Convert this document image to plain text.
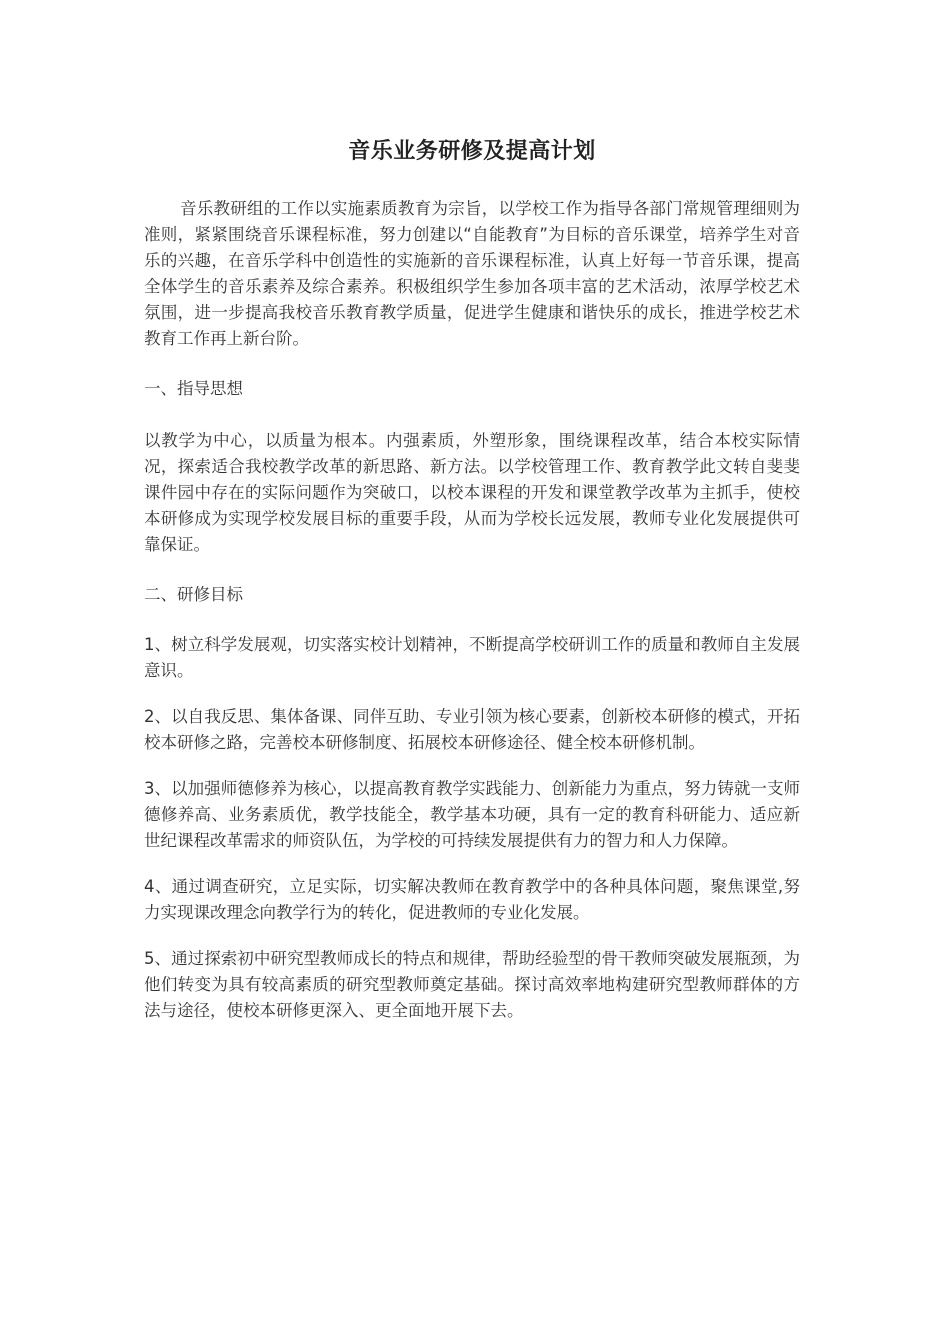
音乐业务研修及提高计划

音乐教研组的工作以实施素质教育为宗旨，以学校工作为指导各部门常规管理细则为准则，紧紧围绕音乐课程标准，努力创建以“自能教育”为目标的音乐课堂，培养学生对音乐的兴趣，在音乐学科中创造性的实施新的音乐课程标准，认真上好每一节音乐课，提高全体学生的音乐素养及综合素养。积极组织学生参加各项丰富的艺术活动，浓厚学校艺术氛围，进一步提高我校音乐教育教学质量，促进学生健康和谐快乐的成长，推进学校艺术教育工作再上新台阶。

一、指导思想

以教学为中心，以质量为根本。内强素质，外塑形象，围绕课程改革，结合本校实际情况，探索适合我校教学改革的新思路、新方法。以学校管理工作、教育教学此文转自斐斐课件园中存在的实际问题作为突破口，以校本课程的开发和课堂教学改革为主抓手，使校本研修成为实现学校发展目标的重要手段，从而为学校长远发展，教师专业化发展提供可靠保证。

二、研修目标

1、树立科学发展观，切实落实校计划精神，不断提高学校研训工作的质量和教师自主发展意识。

2、以自我反思、集体备课、同伴互助、专业引领为核心要素，创新校本研修的模式，开拓校本研修之路，完善校本研修制度、拓展校本研修途径、健全校本研修机制。

3、以加强师德修养为核心，以提高教育教学实践能力、创新能力为重点，努力铸就一支师德修养高、业务素质优，教学技能全，教学基本功硬，具有一定的教育科研能力、适应新世纪课程改革需求的师资队伍，为学校的可持续发展提供有力的智力和人力保障。

4、通过调查研究，立足实际，切实解决教师在教育教学中的各种具体问题，聚焦课堂,努力实现课改理念向教学行为的转化，促进教师的专业化发展。

5、通过探索初中研究型教师成长的特点和规律，帮助经验型的骨干教师突破发展瓶颈，为他们转变为具有较高素质的研究型教师奠定基础。探讨高效率地构建研究型教师群体的方法与途径，使校本研修更深入、更全面地开展下去。
